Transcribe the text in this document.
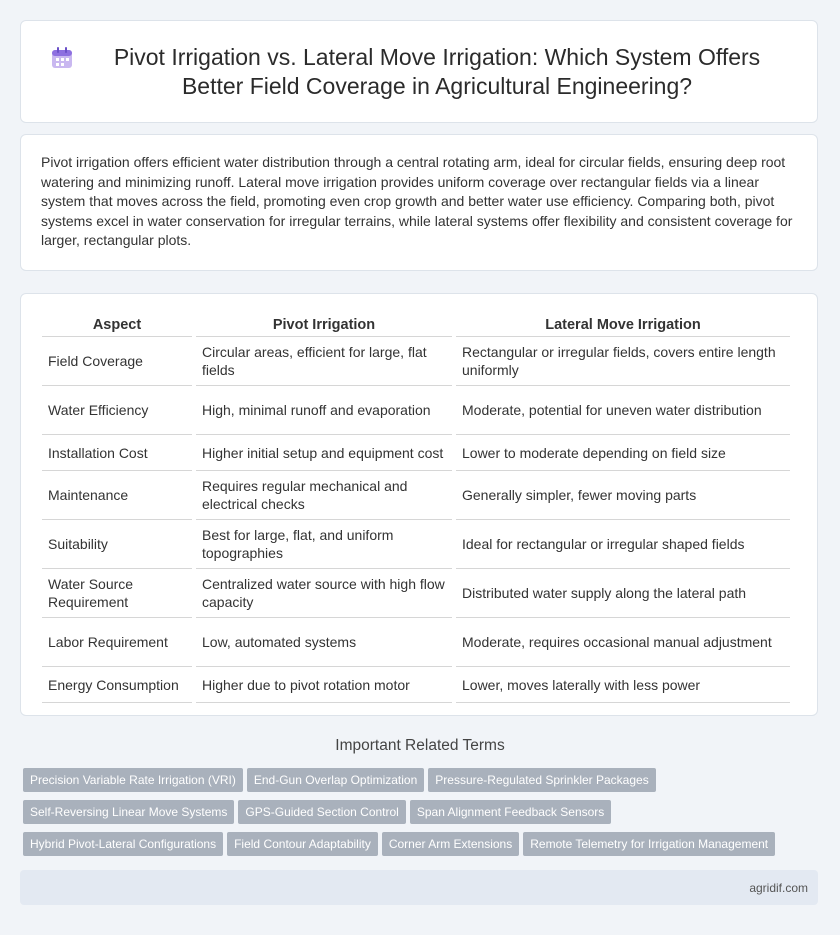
Pivot Irrigation vs. Lateral Move Irrigation: Which System Offers Better Field Coverage in Agricultural Engineering?

Pivot irrigation offers efficient water distribution through a central rotating arm, ideal for circular fields, ensuring deep root watering and minimizing runoff. Lateral move irrigation provides uniform coverage over rectangular fields via a linear system that moves across the field, promoting even crop growth and better water use efficiency. Comparing both, pivot systems excel in water conservation for irregular terrains, while lateral systems offer flexibility and consistent coverage for larger, rectangular plots.

Aspect	Pivot Irrigation	Lateral Move Irrigation
Field Coverage	Circular areas, efficient for large, flat fields	Rectangular or irregular fields, covers entire length uniformly
Water Efficiency	High, minimal runoff and evaporation	Moderate, potential for uneven water distribution
Installation Cost	Higher initial setup and equipment cost	Lower to moderate depending on field size
Maintenance	Requires regular mechanical and electrical checks	Generally simpler, fewer moving parts
Suitability	Best for large, flat, and uniform topographies	Ideal for rectangular or irregular shaped fields
Water Source Requirement	Centralized water source with high flow capacity	Distributed water supply along the lateral path
Labor Requirement	Low, automated systems	Moderate, requires occasional manual adjustment
Energy Consumption	Higher due to pivot rotation motor	Lower, moves laterally with less power
Important Related Terms
Precision Variable Rate Irrigation (VRI) End-Gun Overlap Optimization Pressure-Regulated Sprinkler Packages
Self-Reversing Linear Move Systems GPS-Guided Section Control Span Alignment Feedback Sensors
Hybrid Pivot-Lateral Configurations Field Contour Adaptability Corner Arm Extensions Remote Telemetry for Irrigation Management
agridif.com
